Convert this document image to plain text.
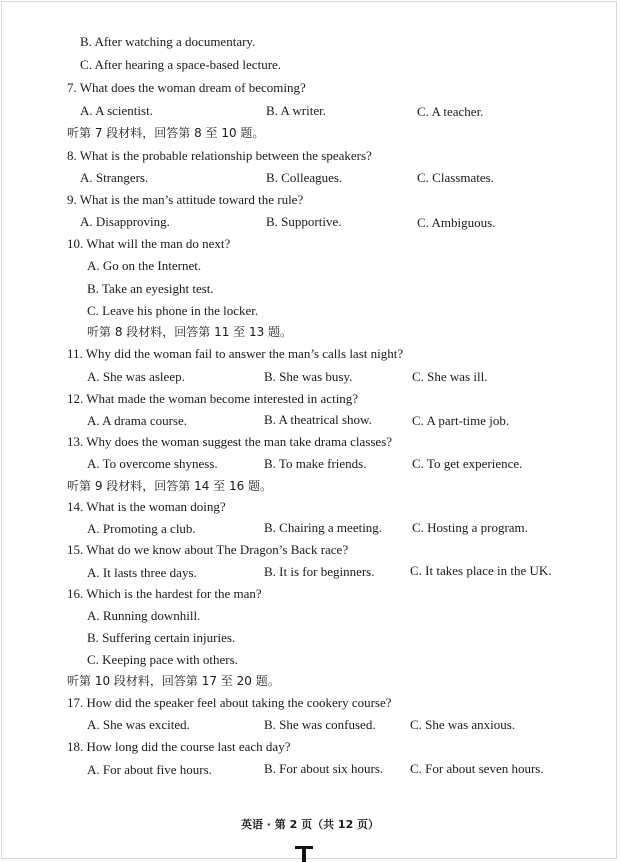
B. After watching a documentary.
C. After hearing a space-based lecture.
7. What does the woman dream of becoming?
A. A scientist.	B. A writer.	C. A teacher.
听第 7 段材料，回答第 8 至 10 题。
8. What is the probable relationship between the speakers?
A. Strangers.	B. Colleagues.	C. Classmates.
9. What is the man’s attitude toward the rule?
A. Disapproving.	B. Supportive.	C. Ambiguous.
10. What will the man do next?
A. Go on the Internet.
B. Take an eyesight test.
C. Leave his phone in the locker.
听第 8 段材料，回答第 11 至 13 题。
11. Why did the woman fail to answer the man’s calls last night?
A. She was asleep.	B. She was busy.	C. She was ill.
12. What made the woman become interested in acting?
A. A drama course.	B. A theatrical show.	C. A part-time job.
13. Why does the woman suggest the man take drama classes?
A. To overcome shyness.	B. To make friends.	C. To get experience.
听第 9 段材料，回答第 14 至 16 题。
14. What is the woman doing?
A. Promoting a club.	B. Chairing a meeting. C. Hosting a program.
15. What do we know about The Dragon’s Back race?
A. It lasts three days.	B. It is for beginners.	C. It takes place in the UK.
16. Which is the hardest for the man?
A. Running downhill.
B. Suffering certain injuries.
C. Keeping pace with others.
听第 10 段材料，回答第 17 至 20 题。
17. How did the speaker feel about taking the cookery course?
A. She was excited.	B. She was confused.	C. She was anxious.
18. How long did the course last each day?
A. For about five hours.	B. For about six hours. C. For about seven hours.
英语 · 第 2 页（共 12 页）
